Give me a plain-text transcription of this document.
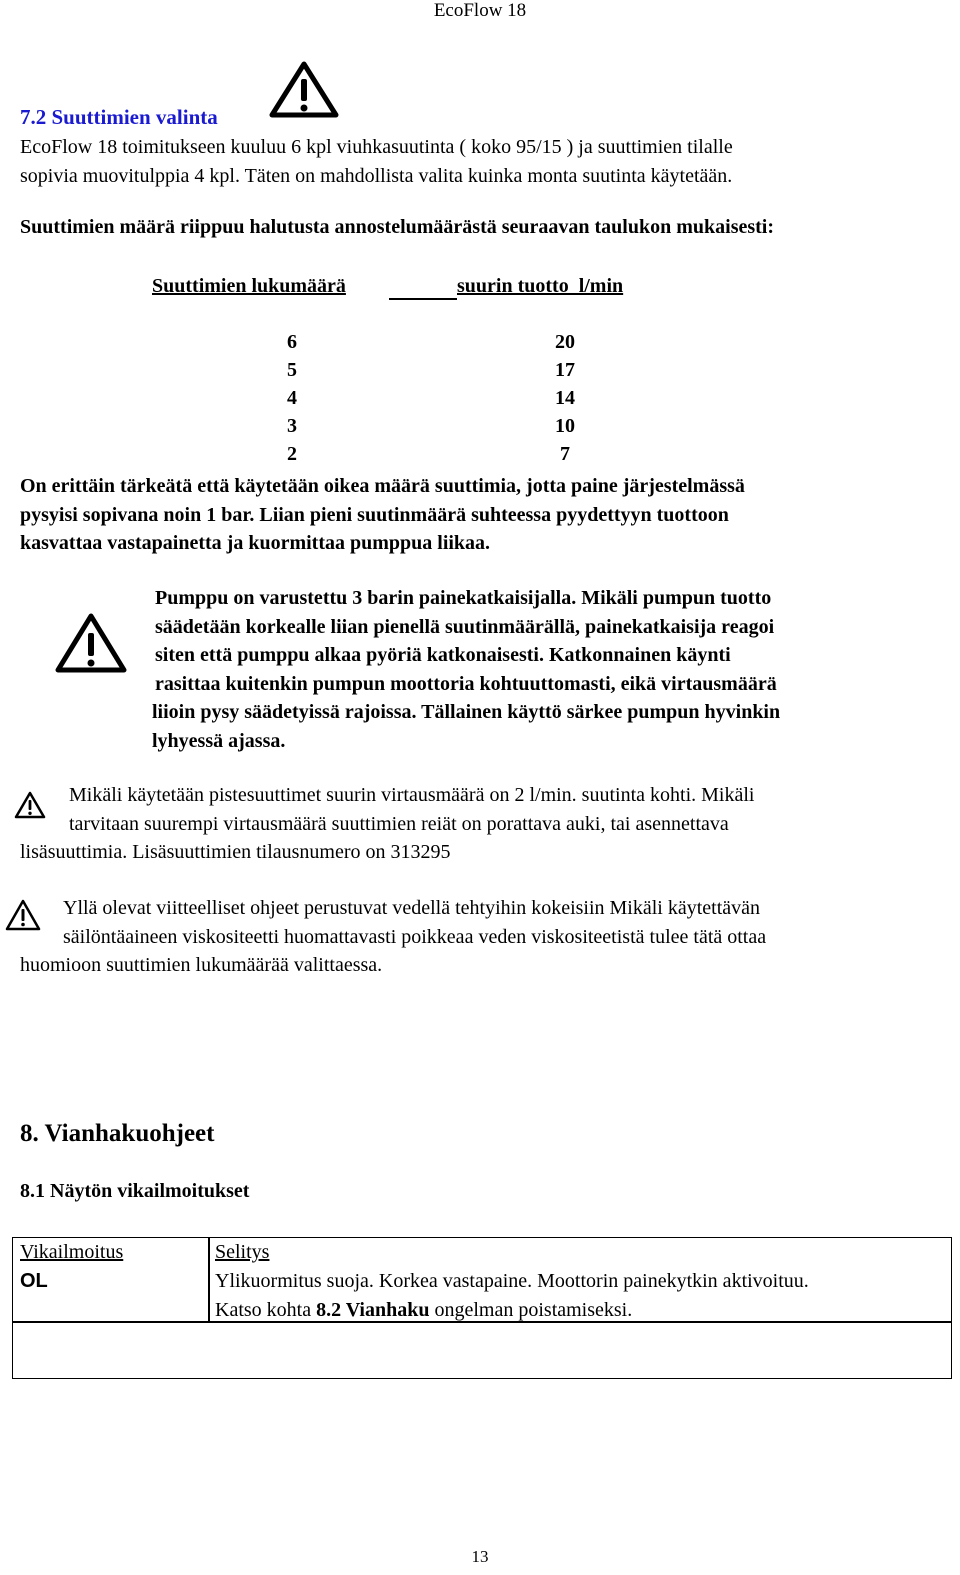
EcoFlow 18
7.2 Suuttimien valinta
EcoFlow 18 toimitukseen kuuluu 6 kpl viuhkasuutinta ( koko 95/15 ) ja suuttimien tilalle
sopivia muovitulppia 4 kpl. Täten on mahdollista valita kuinka monta suutinta käytetään.
Suuttimien määrä riippuu halutusta annostelumäärästä seuraavan taulukon mukaisesti:
Suuttimien lukumäärä	suurin tuotto_l/min
6	20
5	17
4	14
3	10
2	7
On erittäin tärkeätä että käytetään oikea määrä suuttimia, jotta paine järjestelmässä
pysyisi sopivana noin 1 bar. Liian pieni suutinmäärä suhteessa pyydettyyn tuottoon
kasvattaa vastapainetta ja kuormittaa pumppua liikaa.
Pumppu on varustettu 3 barin painekatkaisijalla. Mikäli pumpun tuotto
säädetään korkealle liian pienellä suutinmäärällä, painekatkaisija reagoi
siten että pumppu alkaa pyöriä katkonaisesti. Katkonnainen käynti
rasittaa kuitenkin pumpun moottoria kohtuuttomasti, eikä virtausmäärä
liioin pysy säädetyissä rajoissa. Tällainen käyttö särkee pumpun hyvinkin
lyhyessä ajassa.
Mikäli käytetään pistesuuttimet suurin virtausmäärä on 2 l/min. suutinta kohti. Mikäli
tarvitaan suurempi virtausmäärä suuttimien reiät on porattava auki, tai asennettava
lisäsuuttimia. Lisäsuuttimien tilausnumero on 313295
Yllä olevat viitteelliset ohjeet perustuvat vedellä tehtyihin kokeisiin Mikäli käytettävän
säilöntäaineen viskositeetti huomattavasti poikkeaa veden viskositeetistä tulee tätä ottaa
huomioon suuttimien lukumäärää valittaessa.
8. Vianhakuohjeet
8.1 Näytön vikailmoitukset
Vikailmoitus	Selitys
OL	Ylikuormitus suoja. Korkea vastapaine. Moottorin painekytkin aktivoituu.
Katso kohta 8.2 Vianhaku ongelman poistamiseksi.
13
